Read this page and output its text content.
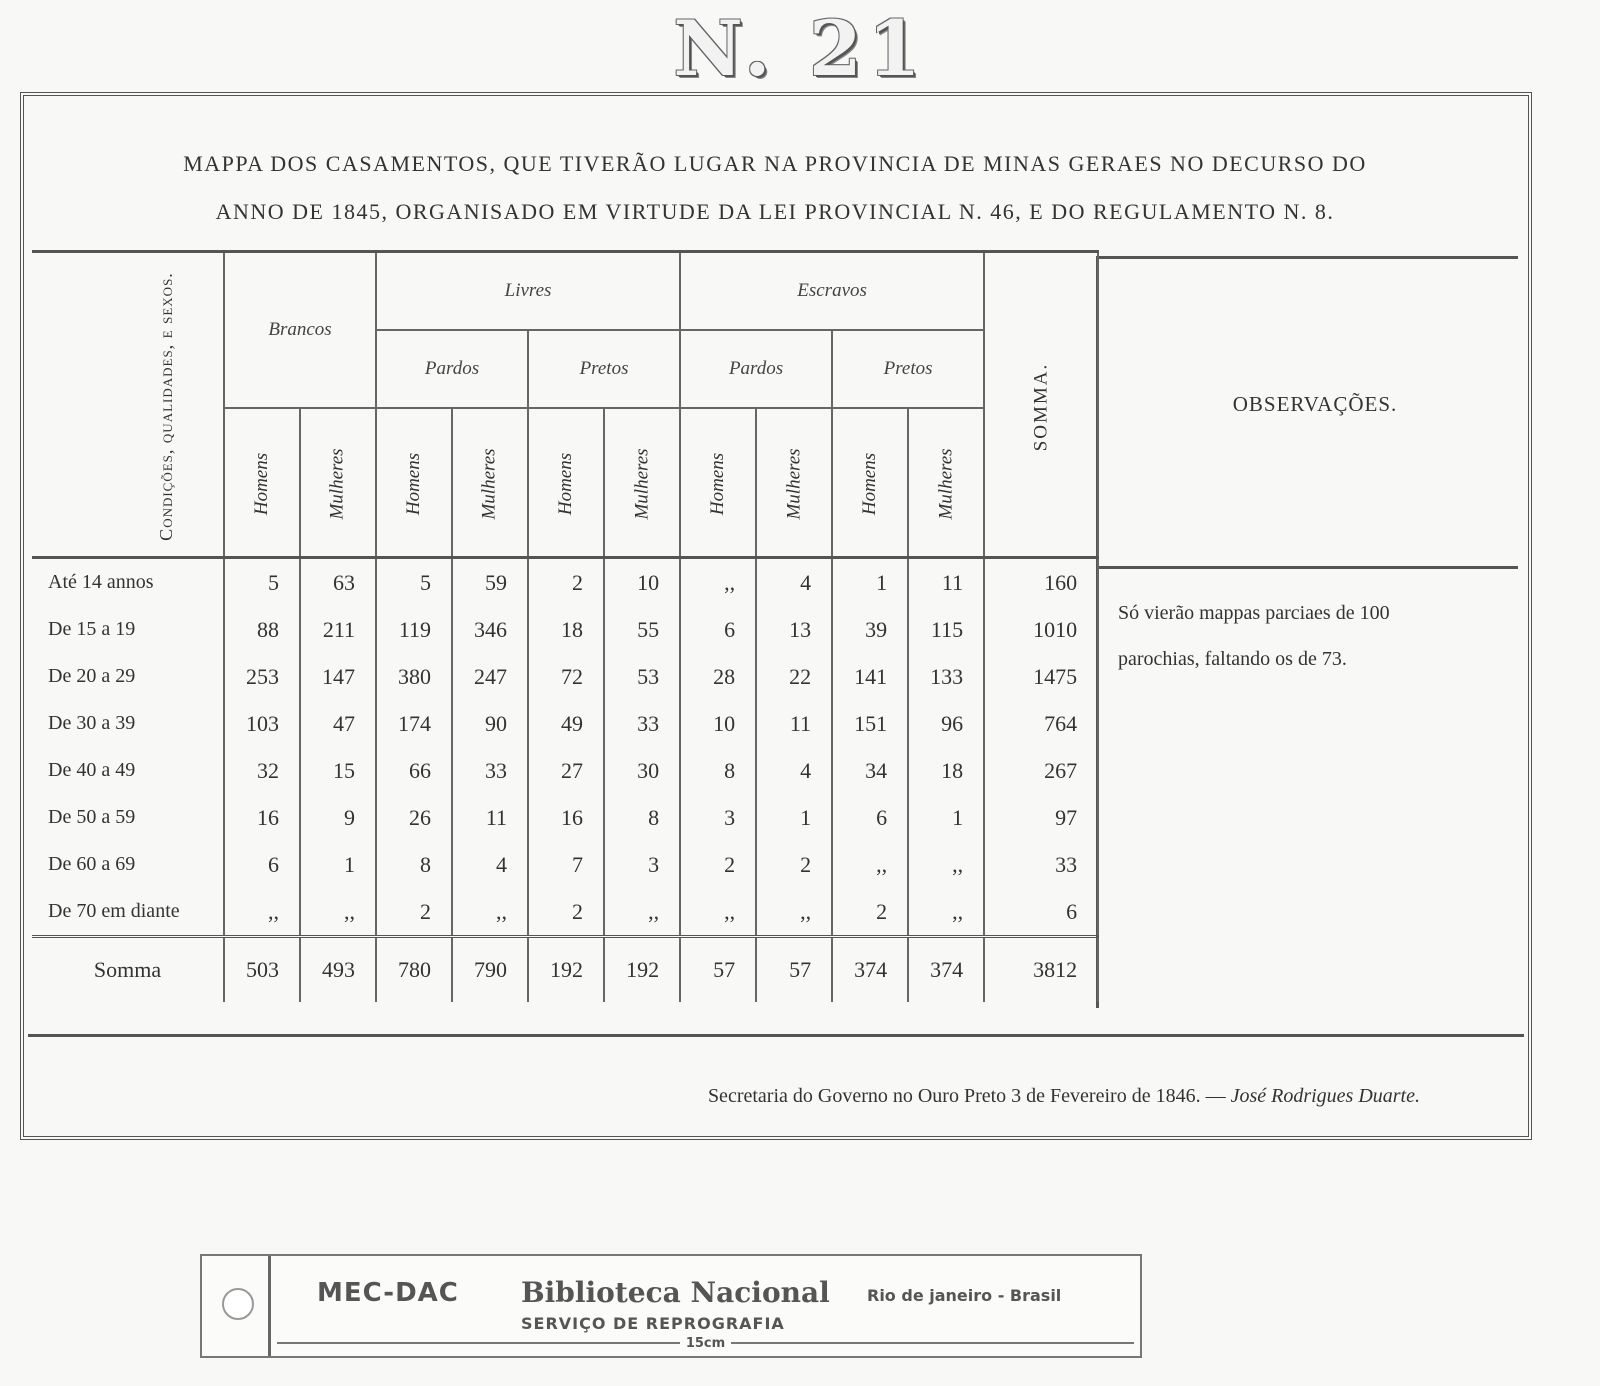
N. 21
MAPPA DOS CASAMENTOS, QUE TIVERÃO LUGAR NA PROVINCIA DE MINAS GERAES NO DECURSO DO
ANNO DE 1845, ORGANISADO EM VIRTUDE DA LEI PROVINCIAL N. 46, E DO REGULAMENTO N. 8.
OBSERVAÇÕES.
Só vierão mappas parciaes de 100
parochias, faltando os de 73.
Condições, qualidades, e sexos.	Brancos		Livres				Escravos				SOMMA.
			Pardos		Pretos		Pardos		Pretos		
	Homens	Mulheres	Homens	Mulheres	Homens	Mulheres	Homens	Mulheres	Homens	Mulheres	
Até 14 annos	5	63	5	59	2	10	,,	4	1	11	160
De 15 a 19	88	211	119	346	18	55	6	13	39	115	1010
De 20 a 29	253	147	380	247	72	53	28	22	141	133	1475
De 30 a 39	103	47	174	90	49	33	10	11	151	96	764
De 40 a 49	32	15	66	33	27	30	8	4	34	18	267
De 50 a 59	16	9	26	11	16	8	3	1	6	1	97
De 60 a 69	6	1	8	4	7	3	2	2	,,	,,	33
De 70 em diante	,,	,,	2	,,	2	,,	,,	,,	2	,,	6
Somma	503	493	780	790	192	192	57	57	374	374	3812
Secretaria do Governo no Ouro Preto 3 de Fevereiro de 1846. — José Rodrigues Duarte.
MEC-DAC Biblioteca Nacional Rio de janeiro - Brasil
SERVIÇO DE REPROGRAFIA
15cm
